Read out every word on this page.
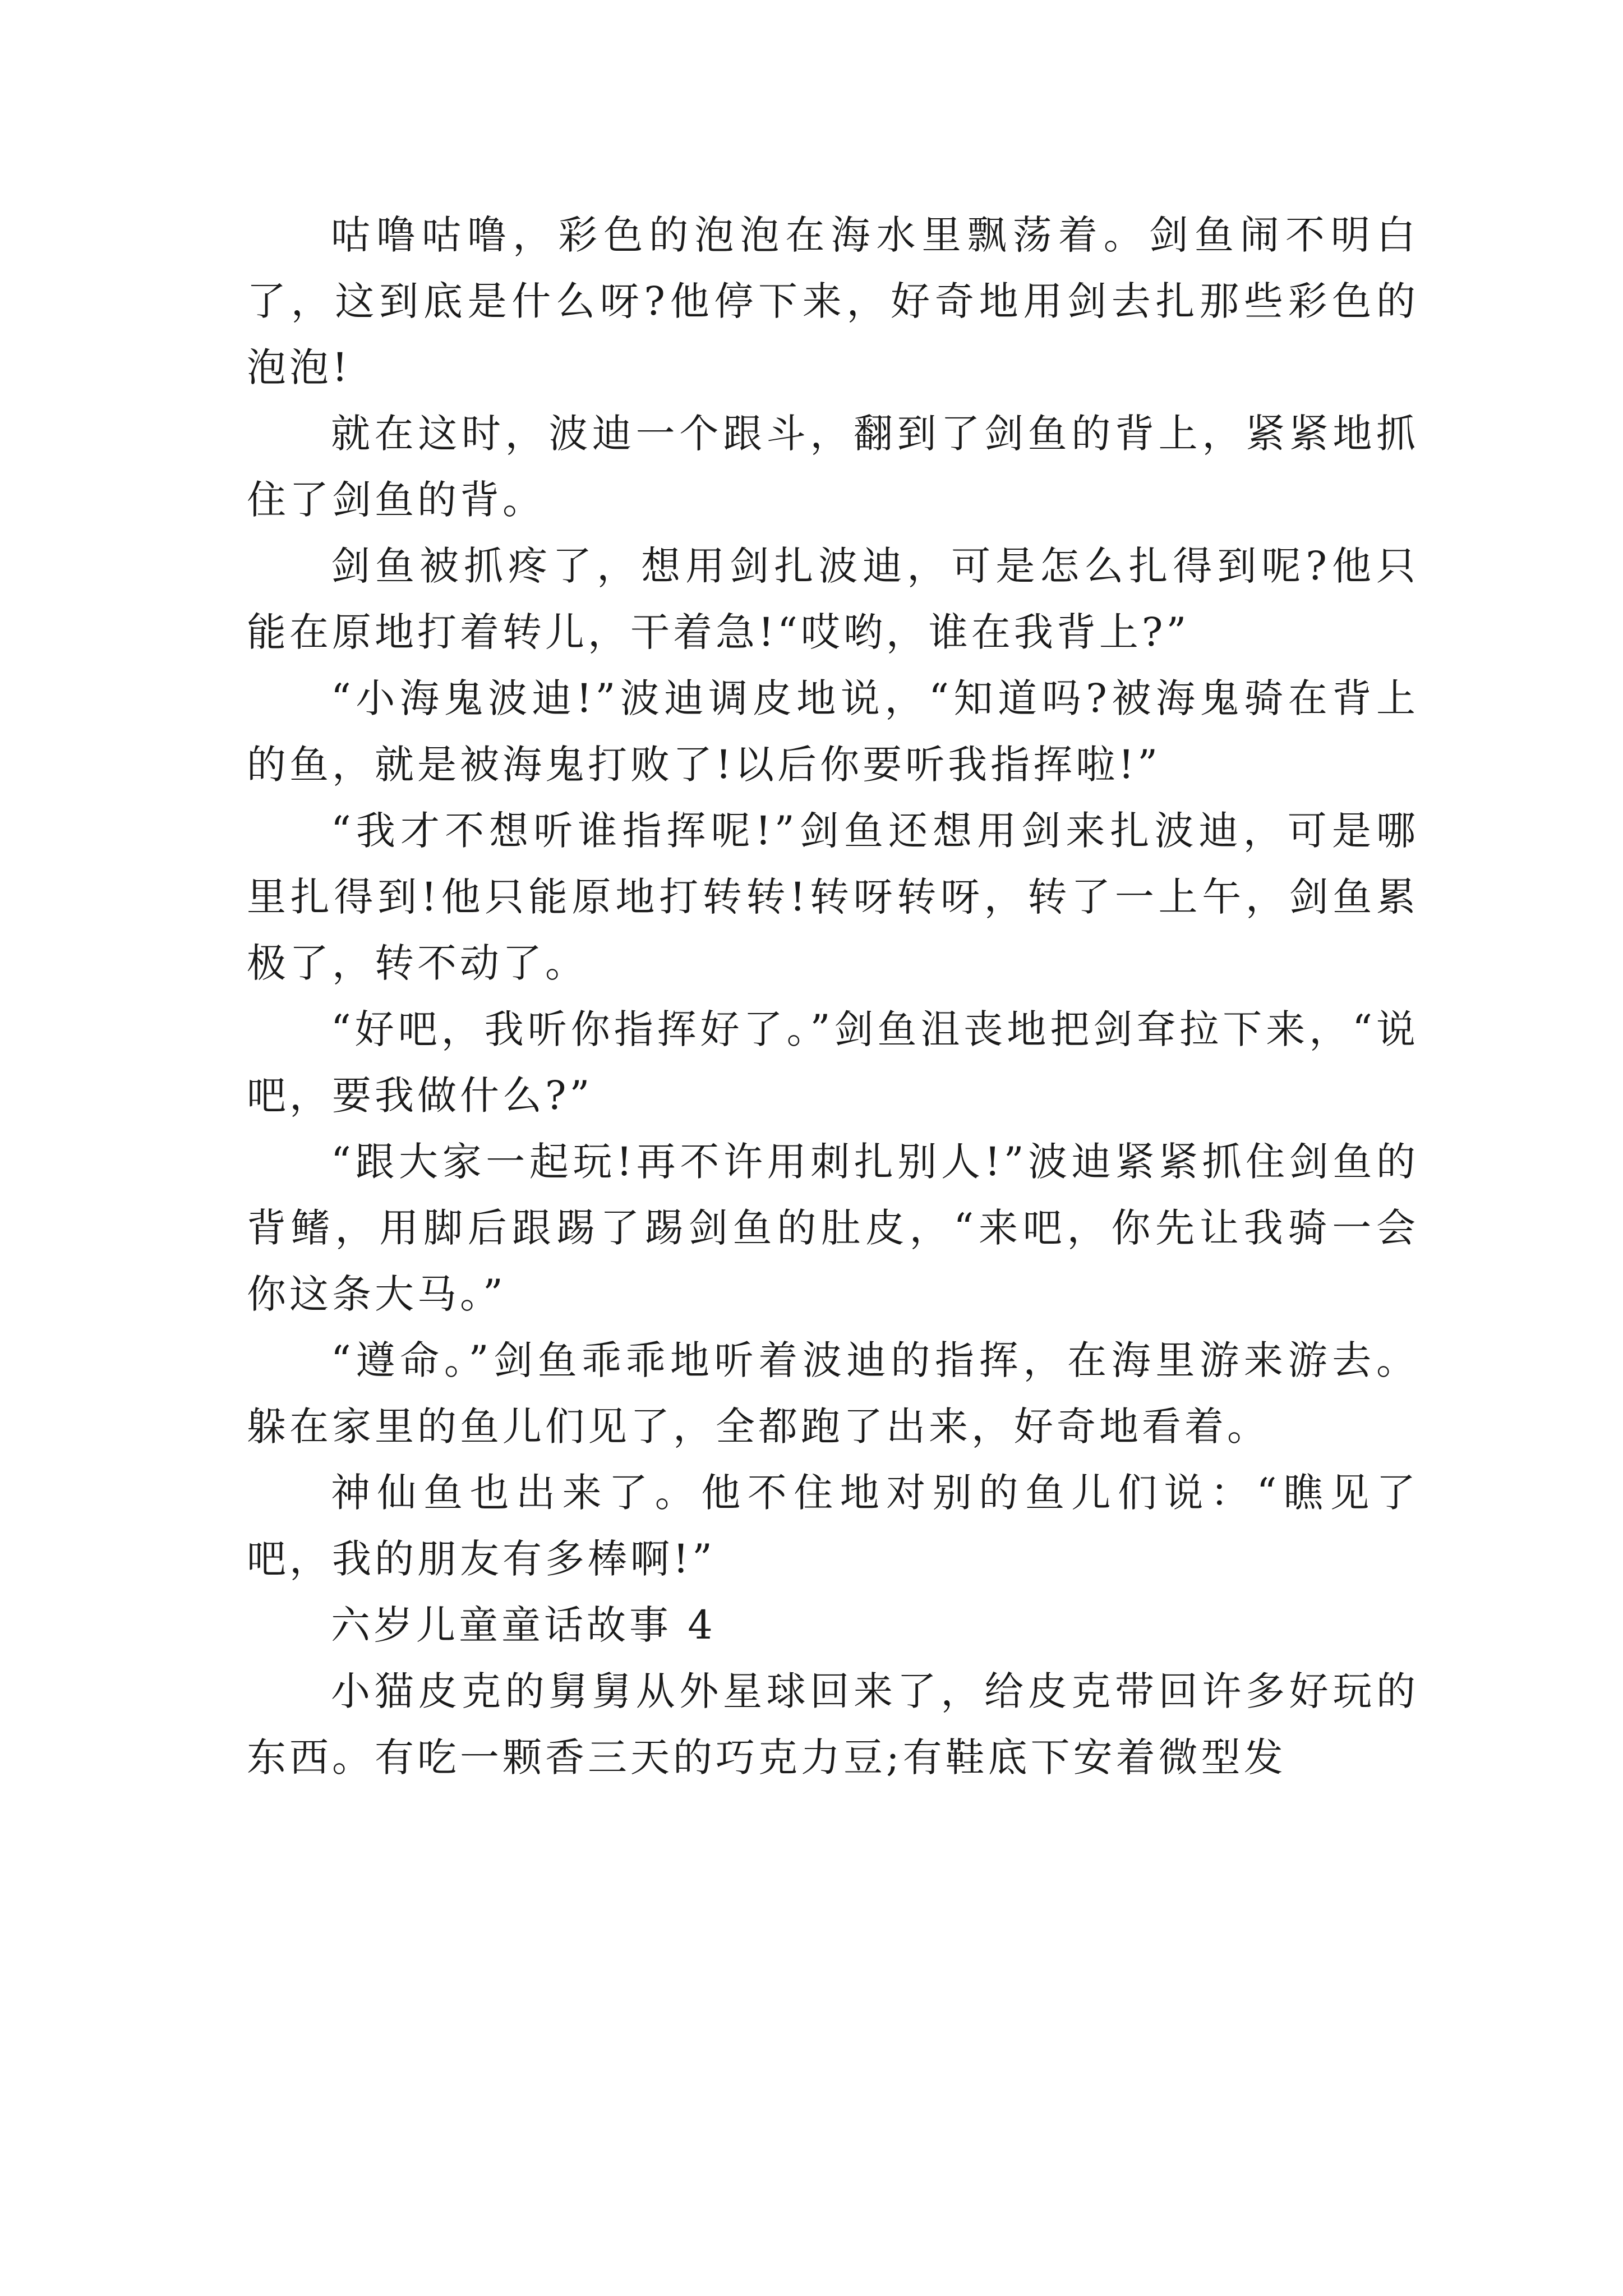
咕噜咕噜，彩色的泡泡在海水里飘荡着。剑鱼闹不明白了，这到底是什么呀?他停下来，好奇地用剑去扎那些彩色的泡泡!

就在这时，波迪一个跟斗，翻到了剑鱼的背上，紧紧地抓住了剑鱼的背。

剑鱼被抓疼了，想用剑扎波迪，可是怎么扎得到呢?他只能在原地打着转儿，干着急!“哎哟，谁在我背上?”

“小海鬼波迪!”波迪调皮地说，“知道吗?被海鬼骑在背上的鱼，就是被海鬼打败了!以后你要听我指挥啦!”

“我才不想听谁指挥呢!”剑鱼还想用剑来扎波迪，可是哪里扎得到!他只能原地打转转!转呀转呀，转了一上午，剑鱼累极了，转不动了。

“好吧，我听你指挥好了。”剑鱼沮丧地把剑耷拉下来，“说吧，要我做什么?”

“跟大家一起玩!再不许用刺扎别人!”波迪紧紧抓住剑鱼的背鳍，用脚后跟踢了踢剑鱼的肚皮，“来吧，你先让我骑一会你这条大马。”

“遵命。”剑鱼乖乖地听着波迪的指挥，在海里游来游去。躲在家里的鱼儿们见了，全都跑了出来，好奇地看着。

神仙鱼也出来了。他不住地对别的鱼儿们说：“瞧见了吧，我的朋友有多棒啊!”

六岁儿童童话故事 4

小猫皮克的舅舅从外星球回来了，给皮克带回许多好玩的东西。有吃一颗香三天的巧克力豆;有鞋底下安着微型发
